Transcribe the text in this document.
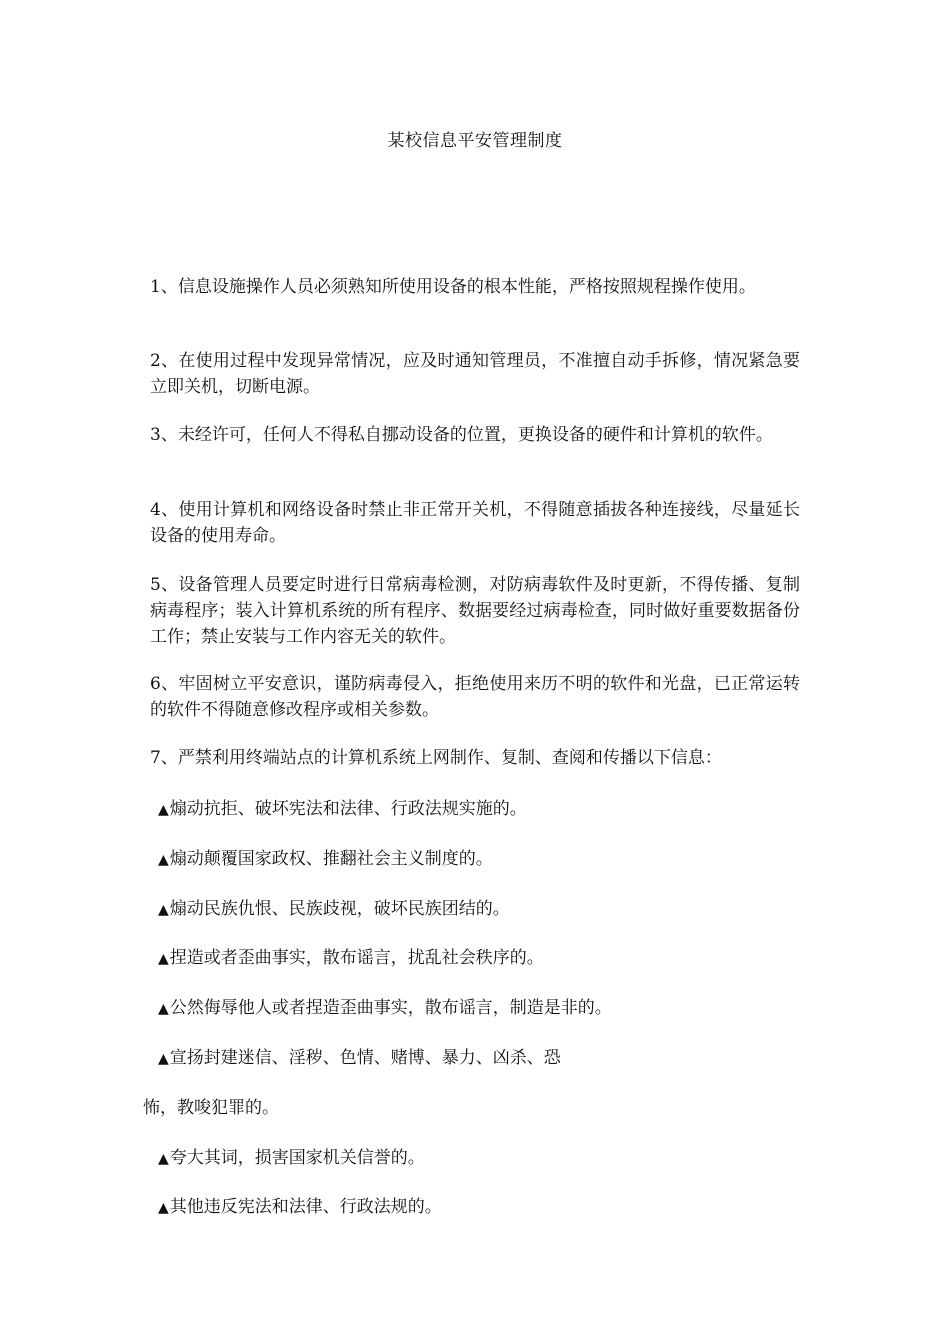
某校信息平安管理制度
1、信息设施操作人员必须熟知所使用设备的根本性能，严格按照规程操作使用。
2、在使用过程中发现异常情况，应及时通知管理员，不准擅自动手拆修，情况紧急要立即关机，切断电源。
3、未经许可，任何人不得私自挪动设备的位置，更换设备的硬件和计算机的软件。
4、使用计算机和网络设备时禁止非正常开关机，不得随意插拔各种连接线，尽量延长设备的使用寿命。
5、设备管理人员要定时进行日常病毒检测，对防病毒软件及时更新，不得传播、复制病毒程序；装入计算机系统的所有程序、数据要经过病毒检查，同时做好重要数据备份工作；禁止安装与工作内容无关的软件。
6、牢固树立平安意识，谨防病毒侵入，拒绝使用来历不明的软件和光盘，已正常运转的软件不得随意修改程序或相关参数。
7、严禁利用终端站点的计算机系统上网制作、复制、查阅和传播以下信息：
▲煽动抗拒、破坏宪法和法律、行政法规实施的。
▲煽动颠覆国家政权、推翻社会主义制度的。
▲煽动民族仇恨、民族歧视，破坏民族团结的。
▲捏造或者歪曲事实，散布谣言，扰乱社会秩序的。
▲公然侮辱他人或者捏造歪曲事实，散布谣言，制造是非的。
▲宣扬封建迷信、淫秽、色情、赌博、暴力、凶杀、恐
怖，教唆犯罪的。
▲夸大其词，损害国家机关信誉的。
▲其他违反宪法和法律、行政法规的。
